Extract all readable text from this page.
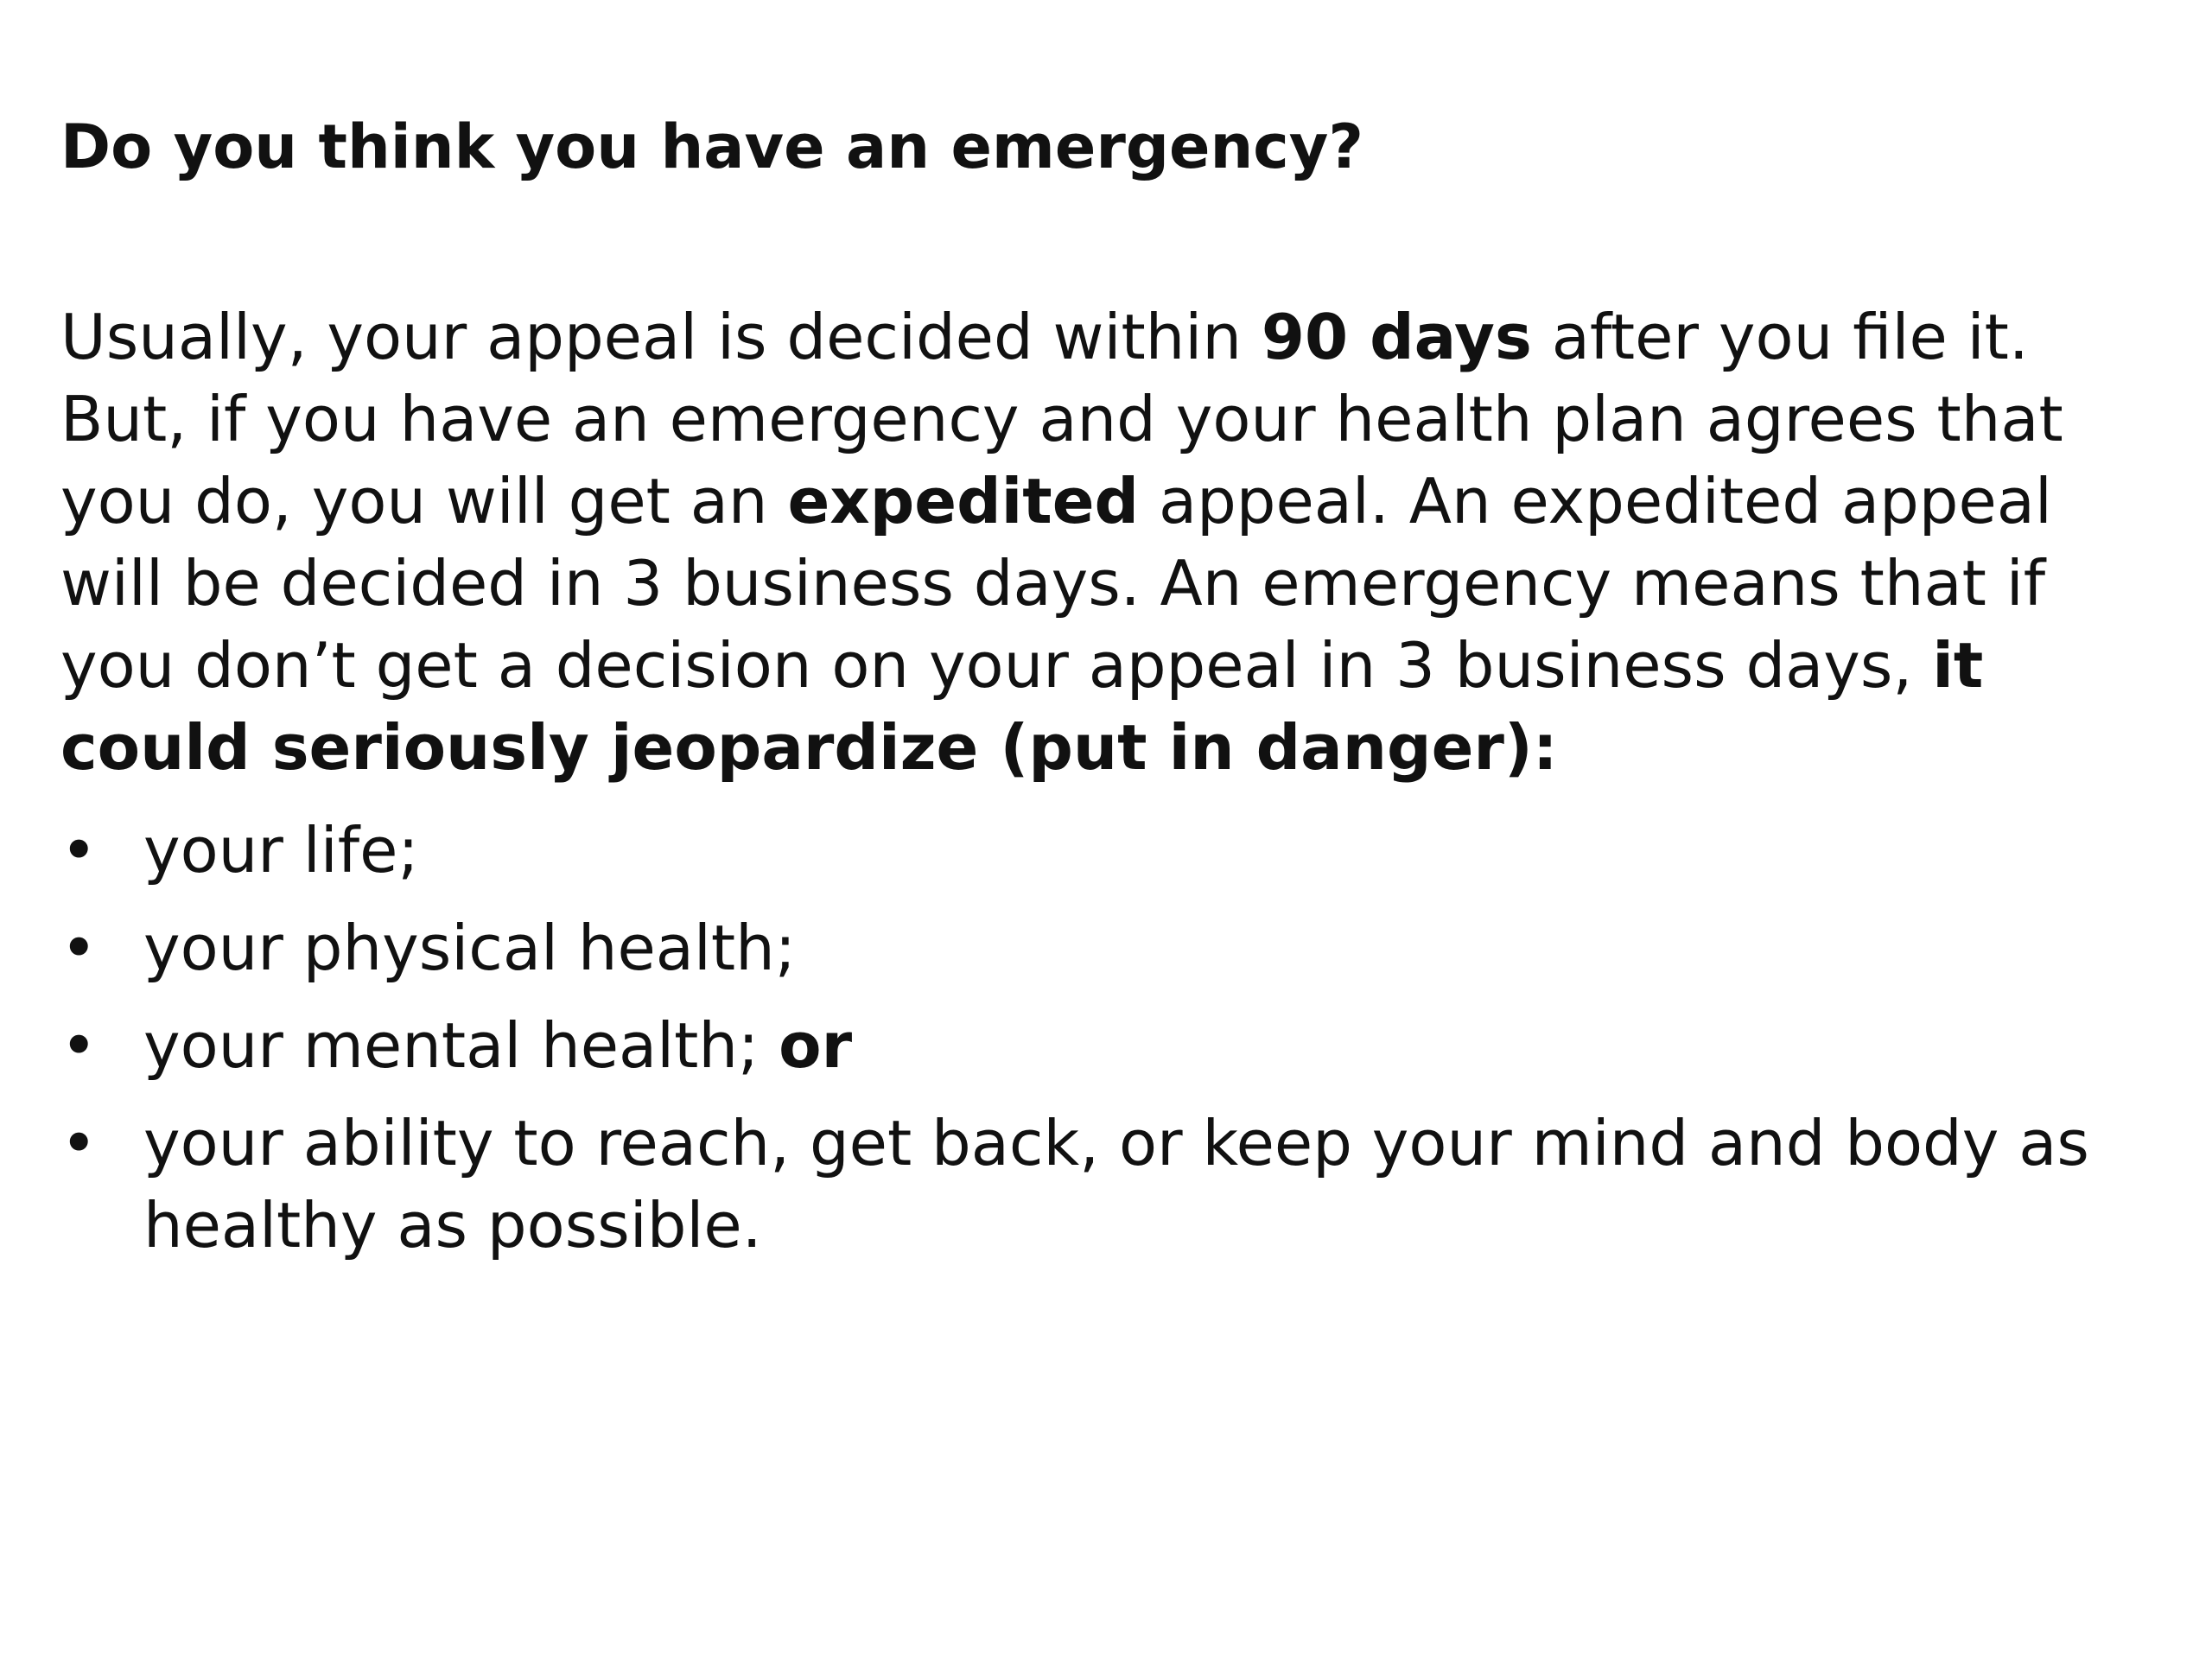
Do you think you have an emergency?

Usually, your appeal is decided within 90 days after you file it.
But, if you have an emergency and your health plan agrees that
you do, you will get an expedited appeal. An expedited appeal
will be decided in 3 business days. An emergency means that if
you don’t get a decision on your appeal in 3 business days, it
could seriously jeopardize (put in danger):

• your life;
• your physical health;
• your mental health; or
• your ability to reach, get back, or keep your mind and body as
healthy as possible.
